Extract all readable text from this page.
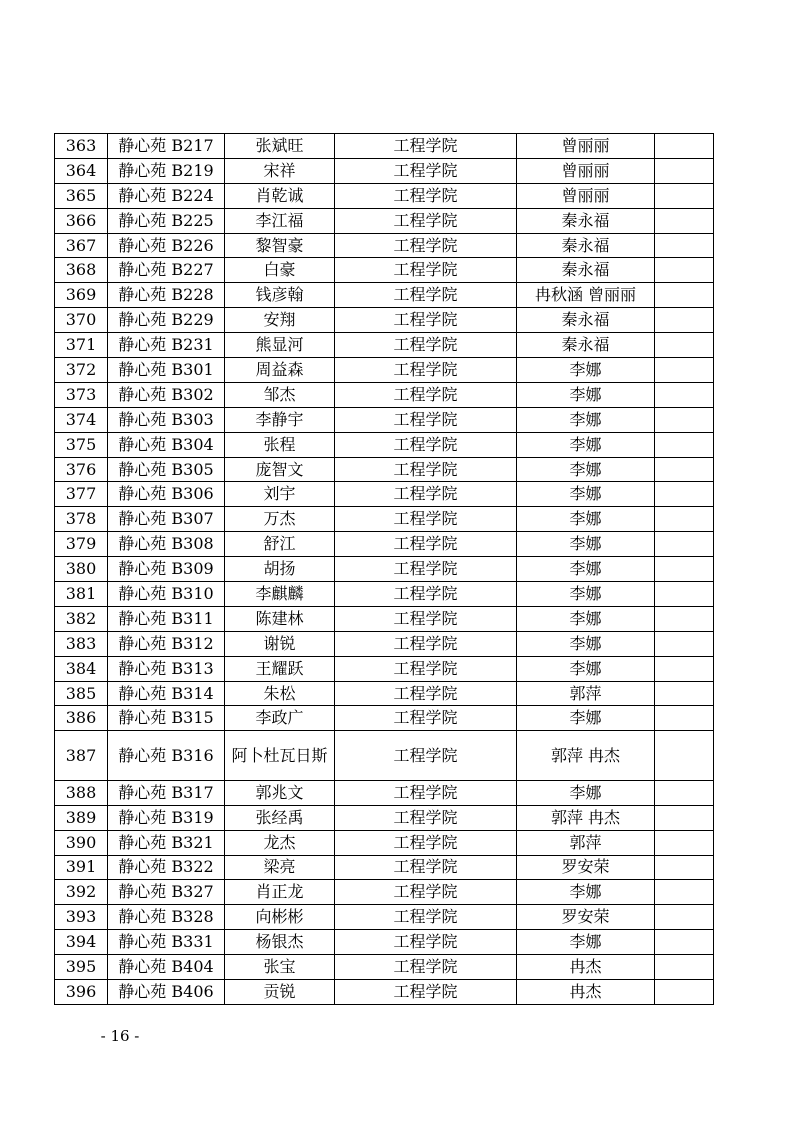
363	静心苑 B217	张斌旺	工程学院	曾丽丽	
364	静心苑 B219	宋祥	工程学院	曾丽丽	
365	静心苑 B224	肖乾诚	工程学院	曾丽丽	
366	静心苑 B225	李江福	工程学院	秦永福	
367	静心苑 B226	黎智豪	工程学院	秦永福	
368	静心苑 B227	白豪	工程学院	秦永福	
369	静心苑 B228	钱彦翰	工程学院	冉秋涵 曾丽丽	
370	静心苑 B229	安翔	工程学院	秦永福	
371	静心苑 B231	熊显河	工程学院	秦永福	
372	静心苑 B301	周益森	工程学院	李娜	
373	静心苑 B302	邹杰	工程学院	李娜	
374	静心苑 B303	李静宇	工程学院	李娜	
375	静心苑 B304	张程	工程学院	李娜	
376	静心苑 B305	庞智文	工程学院	李娜	
377	静心苑 B306	刘宇	工程学院	李娜	
378	静心苑 B307	万杰	工程学院	李娜	
379	静心苑 B308	舒江	工程学院	李娜	
380	静心苑 B309	胡扬	工程学院	李娜	
381	静心苑 B310	李麒麟	工程学院	李娜	
382	静心苑 B311	陈建林	工程学院	李娜	
383	静心苑 B312	谢锐	工程学院	李娜	
384	静心苑 B313	王耀跃	工程学院	李娜	
385	静心苑 B314	朱松	工程学院	郭萍	
386	静心苑 B315	李政广	工程学院	李娜	
387	静心苑 B316	阿卜杜瓦日斯	工程学院	郭萍 冉杰	
388	静心苑 B317	郭兆文	工程学院	李娜	
389	静心苑 B319	张经禹	工程学院	郭萍 冉杰	
390	静心苑 B321	龙杰	工程学院	郭萍	
391	静心苑 B322	梁亮	工程学院	罗安荣	
392	静心苑 B327	肖正龙	工程学院	李娜	
393	静心苑 B328	向彬彬	工程学院	罗安荣	
394	静心苑 B331	杨银杰	工程学院	李娜	
395	静心苑 B404	张宝	工程学院	冉杰	
396	静心苑 B406	贡锐	工程学院	冉杰	
- 16 -
